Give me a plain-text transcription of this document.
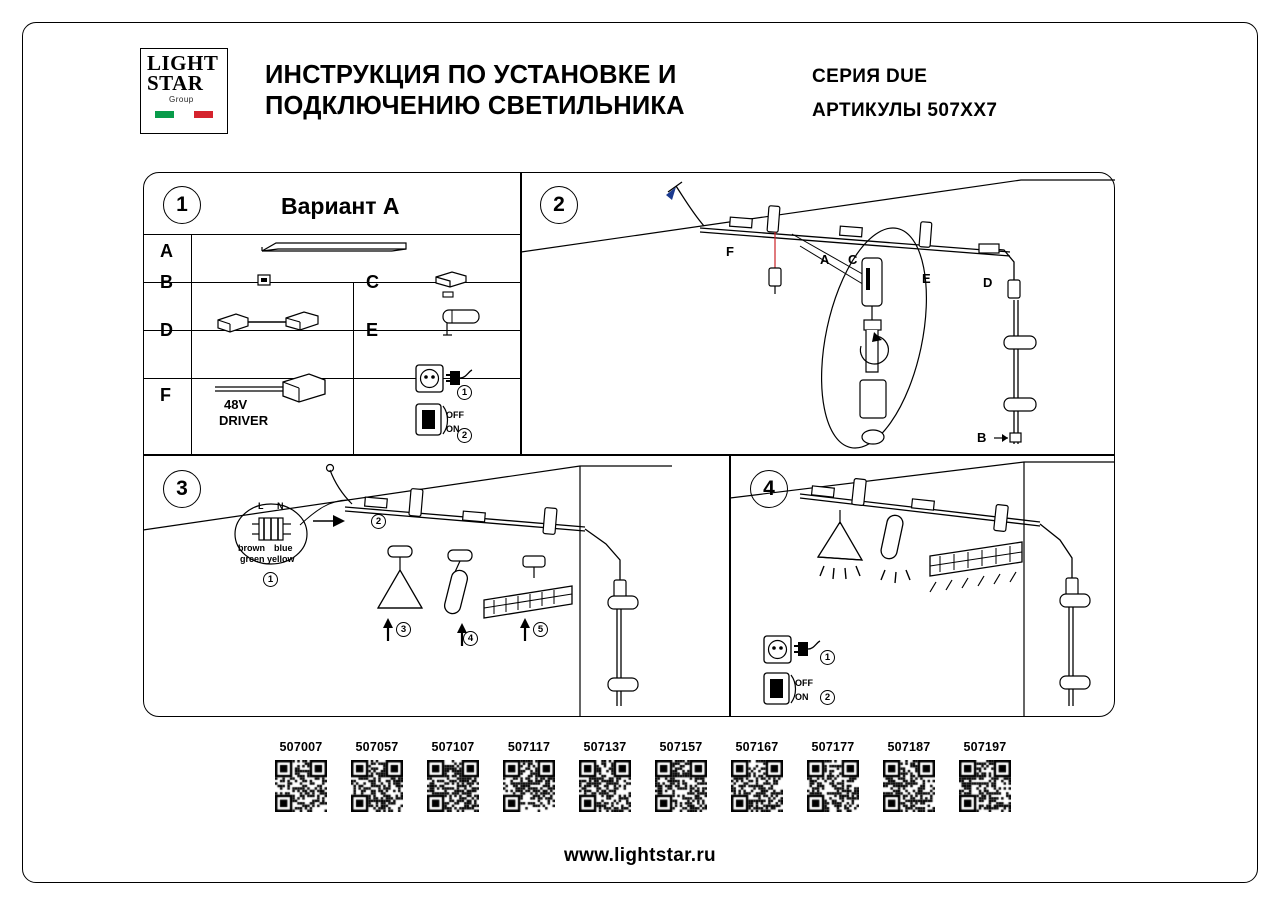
LIGHT
STAR
Group
ИНСТРУКЦИЯ ПО УСТАНОВКЕ И ПОДКЛЮЧЕНИЮ СВЕТИЛЬНИКА
СЕРИЯ DUE
АРТИКУЛЫ 507ХХ7
1	Вариант А
A
B	C
D	E
F	48V
DRIVER
1
2
OFF
ON
2
F
A C
E	D
B
3
L N
brown blue
green yellow
1
2
3
4
5
4
1
2
OFF
ON
507007	507057	507107	507117	507137	507157	507167	507177	507187	507197
www.lightstar.ru
